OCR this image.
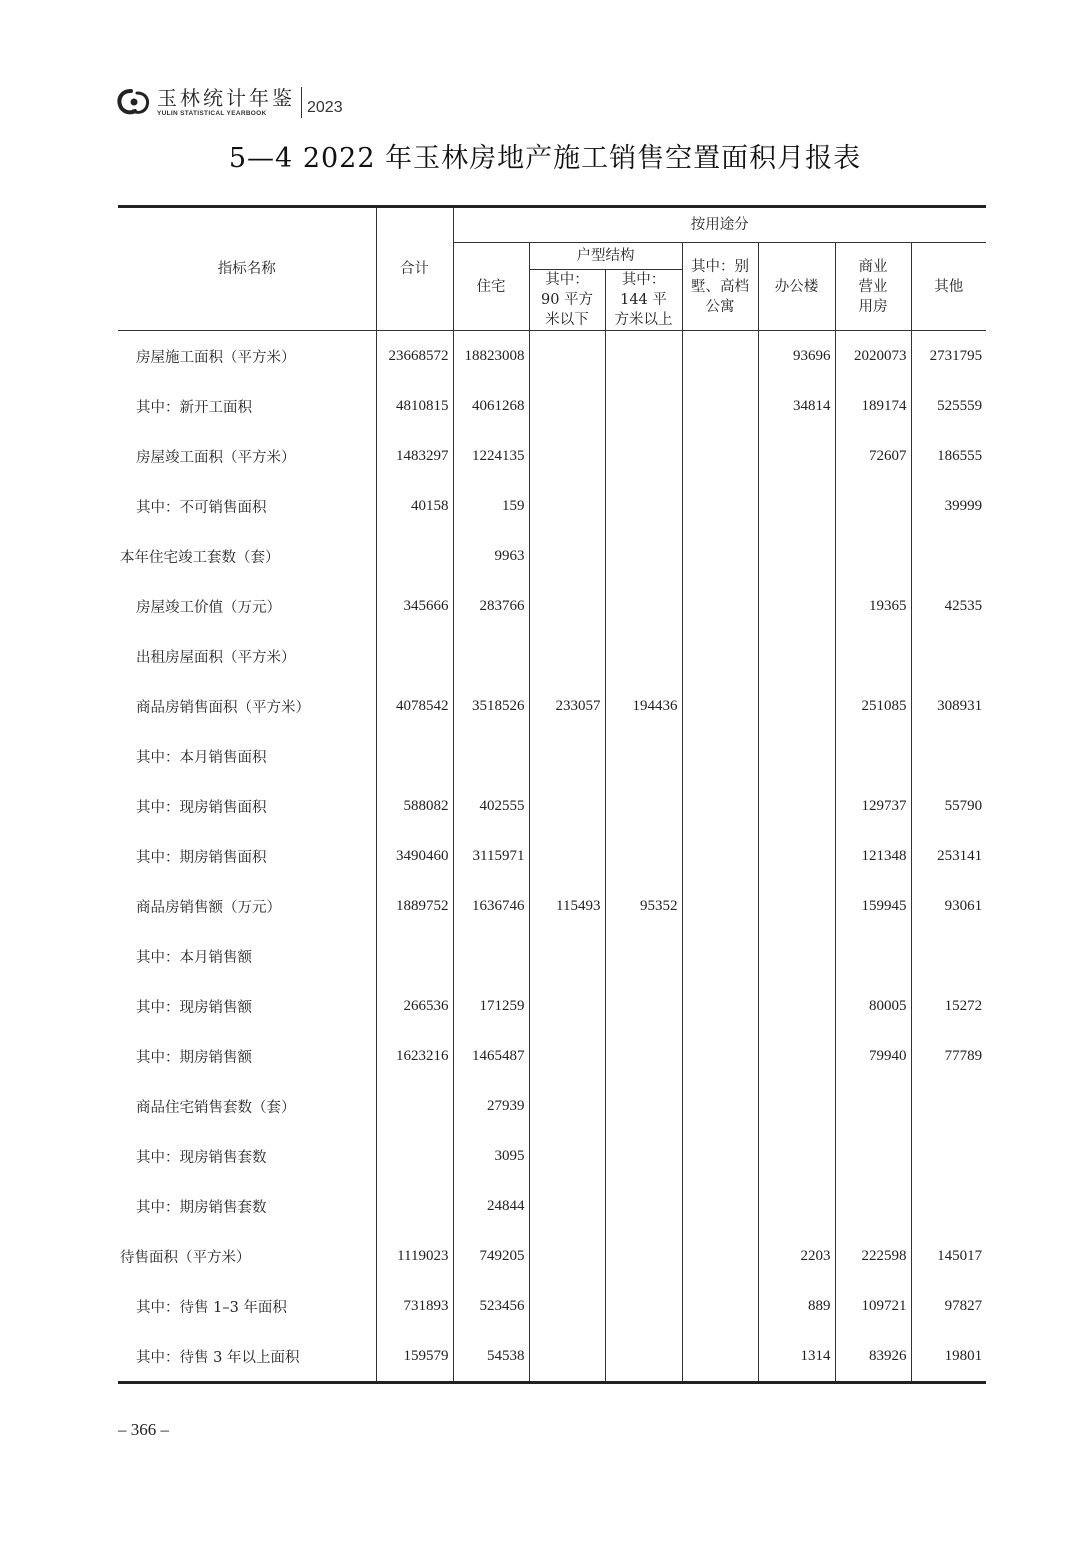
玉林统计年鉴
YULIN STATISTICAL YEARBOOK	2023
5—4 2022 年玉林房地产施工销售空置面积月报表
指标名称	合计	按用途分						
		住宅	户型结构		其中：别墅、高档公寓	办公楼	商业营业用房	其他
			其中：90 平方米以下	其中：144 平方米以上				
房屋施工面积（平方米）	23668572	18823008				93696	2020073	2731795
其中：新开工面积	4810815	4061268				34814	189174	525559
房屋竣工面积（平方米）	1483297	1224135					72607	186555
其中：不可销售面积	40158	159						39999
本年住宅竣工套数（套）		9963						
房屋竣工价值（万元）	345666	283766					19365	42535
出租房屋面积（平方米）								
商品房销售面积（平方米）	4078542	3518526	233057	194436			251085	308931
其中：本月销售面积								
其中：现房销售面积	588082	402555					129737	55790
其中：期房销售面积	3490460	3115971					121348	253141
商品房销售额（万元）	1889752	1636746	115493	95352			159945	93061
其中：本月销售额								
其中：现房销售额	266536	171259					80005	15272
其中：期房销售额	1623216	1465487					79940	77789
商品住宅销售套数（套）		27939						
其中：现房销售套数		3095						
其中：期房销售套数		24844						
待售面积（平方米）	1119023	749205				2203	222598	145017
其中：待售 1–3 年面积	731893	523456				889	109721	97827
其中：待售 3 年以上面积	159579	54538				1314	83926	19801
– 366 –
